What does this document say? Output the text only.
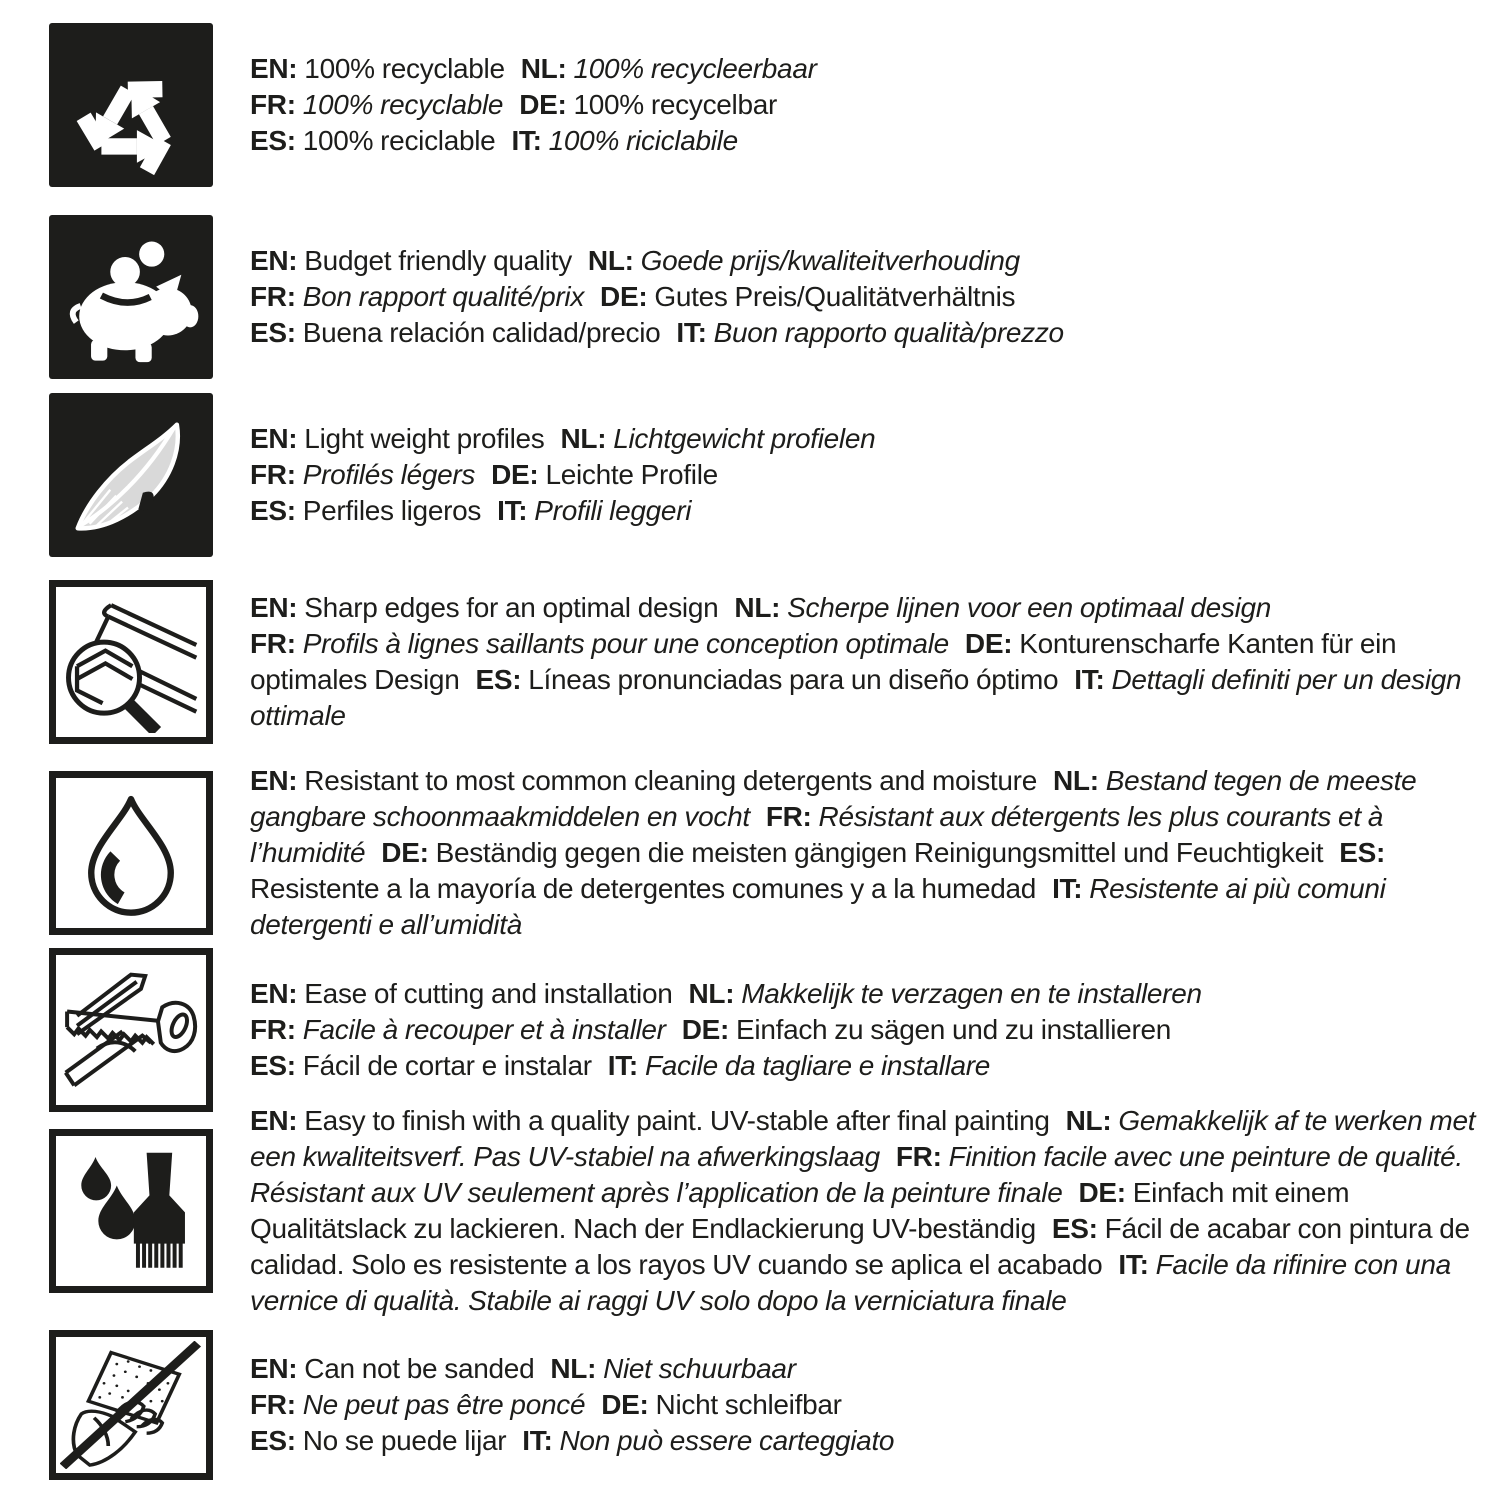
EN: 100% recyclable NL: 100% recycleerbaar
FR: 100% recyclable DE: 100% recycelbar
ES: 100% reciclable IT: 100% riciclabile
EN: Budget friendly quality NL: Goede prijs/kwaliteitverhouding
FR: Bon rapport qualité/prix DE: Gutes Preis/Qualitätverhältnis
ES: Buena relación calidad/precio IT: Buon rapporto qualità/prezzo
EN: Light weight profiles NL: Lichtgewicht profielen
FR: Profilés légers DE: Leichte Profile
ES: Perfiles ligeros IT: Profili leggeri
EN: Sharp edges for an optimal design NL: Scherpe lijnen voor een optimaal design
FR: Profils à lignes saillants pour une conception optimale DE: Konturenscharfe Kanten für ein optimales Design ES: Líneas pronunciadas para un diseño óptimo IT: Dettagli definiti per un design ottimale
EN: Resistant to most common cleaning detergents and moisture NL: Bestand tegen de meeste gangbare schoonmaakmiddelen en vocht FR: Résistant aux détergents les plus courants et à l’humidité DE: Beständig gegen die meisten gängigen Reinigungsmittel und Feuchtigkeit ES: Resistente a la mayoría de detergentes comunes y a la humedad IT: Resistente ai più comuni detergenti e all’umidità
EN: Ease of cutting and installation NL: Makkelijk te verzagen en te installeren
FR: Facile à recouper et à installer DE: Einfach zu sägen und zu installieren
ES: Fácil de cortar e instalar IT: Facile da tagliare e installare
EN: Easy to finish with a quality paint. UV-stable after final painting NL: Gemakkelijk af te werken met een kwaliteitsverf. Pas UV-stabiel na afwerkingslaag FR: Finition facile avec une peinture de qualité. Résistant aux UV seulement après l’application de la peinture finale DE: Einfach mit einem Qualitätslack zu lackieren. Nach der Endlackierung UV-beständig ES: Fácil de acabar con pintura de calidad. Solo es resistente a los rayos UV cuando se aplica el acabado IT: Facile da rifinire con una vernice di qualità. Stabile ai raggi UV solo dopo la verniciatura finale
EN: Can not be sanded NL: Niet schuurbaar
FR: Ne peut pas être poncé DE: Nicht schleifbar
ES: No se puede lijar IT: Non può essere carteggiato
